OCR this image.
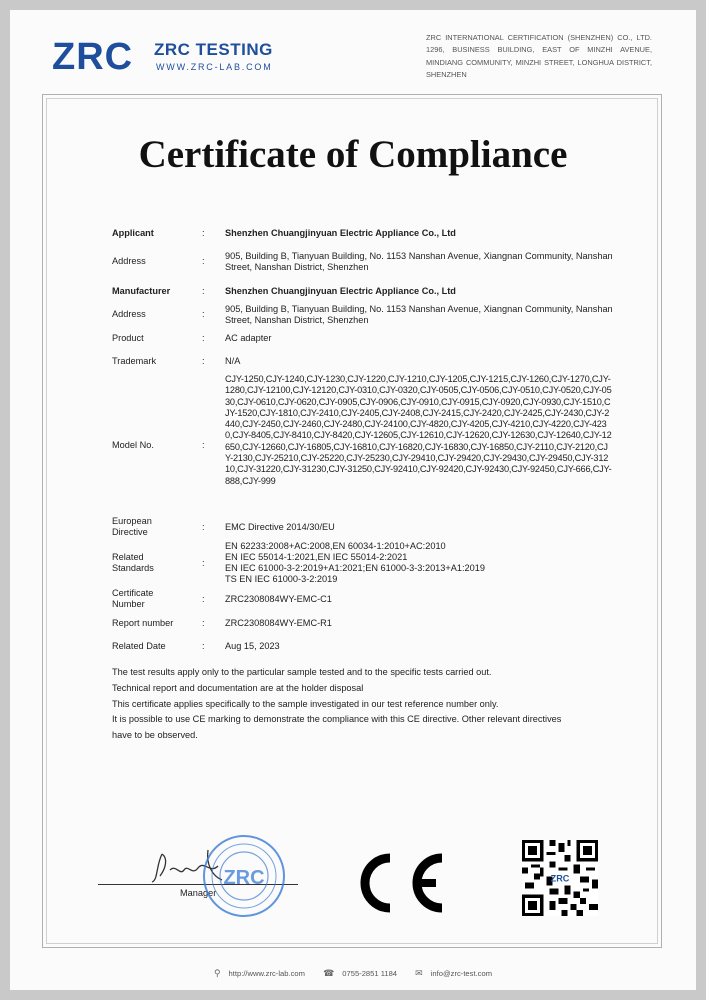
ZRC ZRC TESTING
WWW.ZRC-LAB.COM
ZRC INTERNATIONAL CERTIFICATION (SHENZHEN) CO., LTD. 1296, BUSINESS BUILDING, EAST OF MINZHI AVENUE, MINDIANG COMMUNITY, MINZHI STREET, LONGHUA DISTRICT, SHENZHEN
Certificate of Compliance
Applicant	: Shenzhen Chuangjinyuan Electric Appliance Co., Ltd
Address	: 905, Building B, Tianyuan Building, No. 1153 Nanshan Avenue, Xiangnan Community, Nanshan Street, Nanshan District, Shenzhen
Manufacturer	: Shenzhen Chuangjinyuan Electric Appliance Co., Ltd
Address	: 905, Building B, Tianyuan Building, No. 1153 Nanshan Avenue, Xiangnan Community, Nanshan Street, Nanshan District, Shenzhen
Product	: AC adapter
Trademark	: N/A
Model No.	:
CJY-1250,CJY-1240,CJY-1230,CJY-1220,CJY-1210,CJY-1205,CJY-1215,CJY-1260,CJY-1270,CJY-1280,CJY-12100,CJY-12120,CJY-0310,CJY-0320,CJY-0505,CJY-0506,CJY-0510,CJY-0520,CJY-0530,CJY-0610,CJY-0620,CJY-0905,CJY-0906,CJY-0910,CJY-0915,CJY-0920,CJY-0930,CJY-1510,CJY-1520,CJY-1810,CJY-2410,CJY-2405,CJY-2408,CJY-2415,CJY-2420,CJY-2425,CJY-2430,CJY-2440,CJY-2450,CJY-2460,CJY-2480,CJY-24100,CJY-4820,CJY-4205,CJY-4210,CJY-4220,CJY-4230,CJY-8405,CJY-8410,CJY-8420,CJY-12605,CJY-12610,CJY-12620,CJY-12630,CJY-12640,CJY-12650,CJY-12660,CJY-16805,CJY-16810,CJY-16820,CJY-16830,CJY-16850,CJY-2110,CJY-2120,CJY-2130,CJY-25210,CJY-25220,CJY-25230,CJY-29410,CJY-29420,CJY-29430,CJY-29450,CJY-31210,CJY-31220,CJY-31230,CJY-31250,CJY-92410,CJY-92420,CJY-92430,CJY-92450,CJY-666,CJY-888,CJY-999
European
Directive	: EMC Directive 2014/30/EU
Related
Standards	:
EN 62233:2008+AC:2008,EN 60034-1:2010+AC:2010
EN IEC 55014-1:2021,EN IEC 55014-2:2021
EN IEC 61000-3-2:2019+A1:2021;EN 61000-3-3:2013+A1:2019
TS EN IEC 61000-3-2:2019
Certificate
Number	: ZRC2308084WY-EMC-C1
Report number	: ZRC2308084WY-EMC-R1
Related Date	: Aug 15, 2023
The test results apply only to the particular sample tested and to the specific tests carried out.
Technical report and documentation are at the holder disposal
This certificate applies specifically to the sample investigated in our test reference number only.
It is possible to use CE marking to demonstrate the compliance with this CE directive. Other relevant directives have to be observed.
Manager
ZRC	ZRC
⚲ http://www.zrc-lab.com ☎ 0755-2851 1184 ✉ info@zrc-test.com
